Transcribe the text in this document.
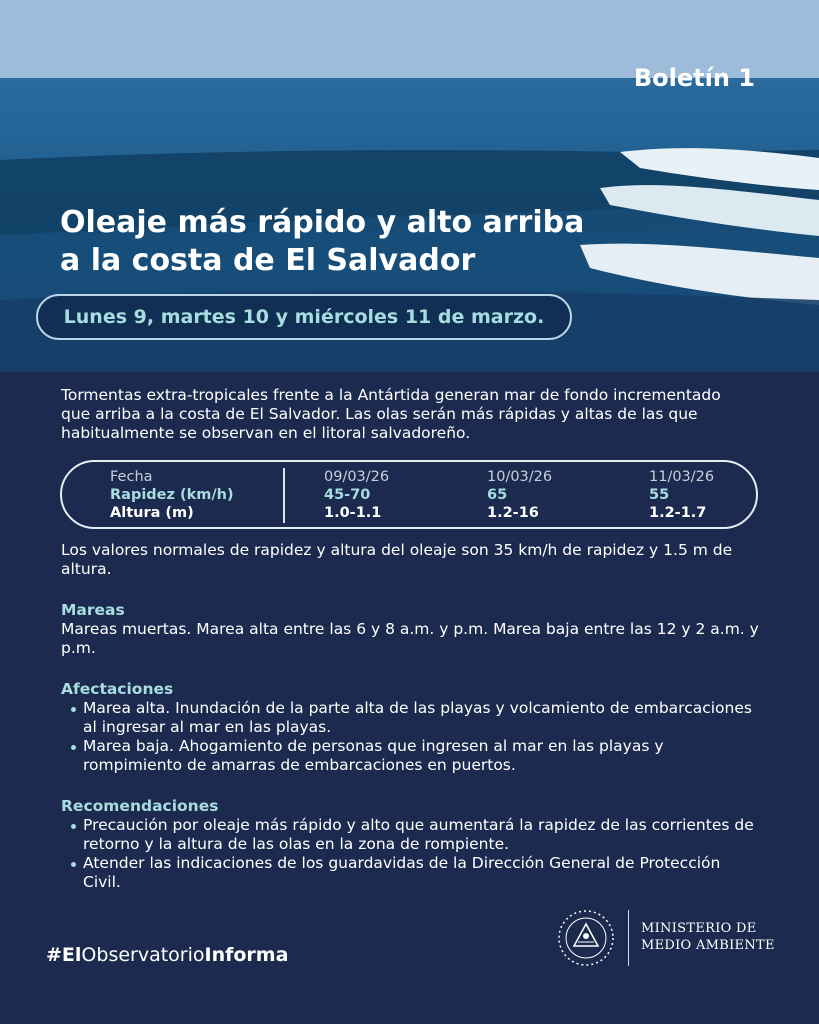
Boletín 1
Oleaje más rápido y alto arriba
a la costa de El Salvador
Lunes 9, martes 10 y miércoles 11 de marzo.

Tormentas extra-tropicales frente a la Antártida generan mar de fondo incrementado que arriba a la costa de El Salvador. Las olas serán más rápidas y altas de las que habitualmente se observan en el litoral salvadoreño.

Fecha
Rapidez (km/h)
Altura (m)
09/03/26
45-70
1.0-1.1
10/03/26
65
1.2-16
11/03/26
55
1.2-1.7

Los valores normales de rapidez y altura del oleaje son 35 km/h de rapidez y 1.5 m de altura.

Mareas

Mareas muertas. Marea alta entre las 6 y 8 a.m. y p.m. Marea baja entre las 12 y 2 a.m. y p.m.

Afectaciones
Marea alta. Inundación de la parte alta de las playas y volcamiento de embarcaciones al ingresar al mar en las playas.
Marea baja. Ahogamiento de personas que ingresen al mar en las playas y rompimiento de amarras de embarcaciones en puertos.
Recomendaciones
Precaución por oleaje más rápido y alto que aumentará la rapidez de las corrientes de retorno y la altura de las olas en la zona de rompiente.
Atender las indicaciones de los guardavidas de la Dirección General de Protección Civil.
#ElObservatorioInforma
MINISTERIO DE
MEDIO AMBIENTE
